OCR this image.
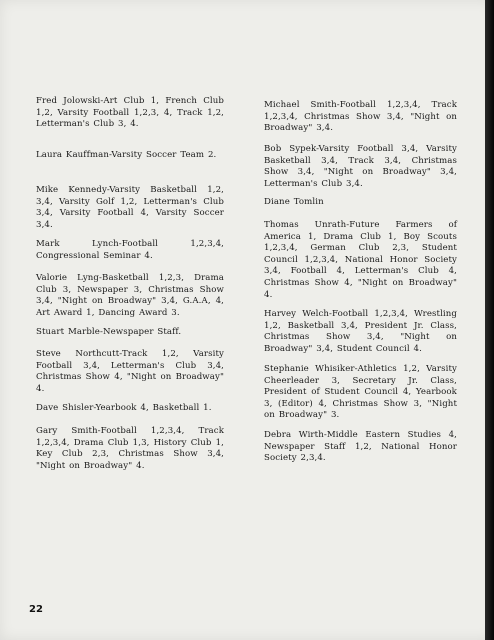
Fred Jolowski-Art Club 1, French Club 1,2, Varsity Football 1,2,3, 4, Track 1,2, Letterman's Club 3, 4.
Laura Kauffman-Varsity Soccer Team 2.
Mike Kennedy-Varsity Basketball 1,2, 3,4, Varsity Golf 1,2, Letterman's Club 3,4, Varsity Football 4, Varsity Soccer 3,4.
Mark Lynch-Football 1,2,3,4, Congressional Seminar 4.
Valorie Lyng-Basketball 1,2,3, Drama Club 3, Newspaper 3, Christmas Show 3,4, "Night on Broadway" 3,4, G.A.A, 4, Art Award 1, Dancing Award 3.
Stuart Marble-Newspaper Staff.
Steve Northcutt-Track 1,2, Varsity Football 3,4, Letterman's Club 3,4, Christmas Show 4, "Night on Broadway" 4.
Dave Shisler-Yearbook 4, Basketball 1.
Gary Smith-Football 1,2,3,4, Track 1,2,3,4, Drama Club 1,3, History Club 1, Key Club 2,3, Christmas Show 3,4, "Night on Broadway" 4.
Michael Smith-Football 1,2,3,4, Track 1,2,3,4, Christmas Show 3,4, "Night on Broadway" 3,4.
Bob Sypek-Varsity Football 3,4, Varsity Basketball 3,4, Track 3,4, Christmas Show 3,4, "Night on Broadway" 3,4, Letterman's Club 3,4.
Diane Tomlin
Thomas Unrath-Future Farmers of America 1, Drama Club 1, Boy Scouts 1,2,3,4, German Club 2,3, Student Council 1,2,3,4, National Honor Society 3,4, Football 4, Letterman's Club 4, Christmas Show 4, "Night on Broadway" 4.
Harvey Welch-Football 1,2,3,4, Wrestling 1,2, Basketball 3,4, President Jr. Class, Christmas Show 3,4, "Night on Broadway" 3,4, Student Council 4.
Stephanie Whisiker-Athletics 1,2, Varsity Cheerleader 3, Secretary Jr. Class, President of Student Council 4, Yearbook 3, (Editor) 4, Christmas Show 3, "Night on Broadway" 3.
Debra Wirth-Middle Eastern Studies 4, Newspaper Staff 1,2, National Honor Society 2,3,4.
22
